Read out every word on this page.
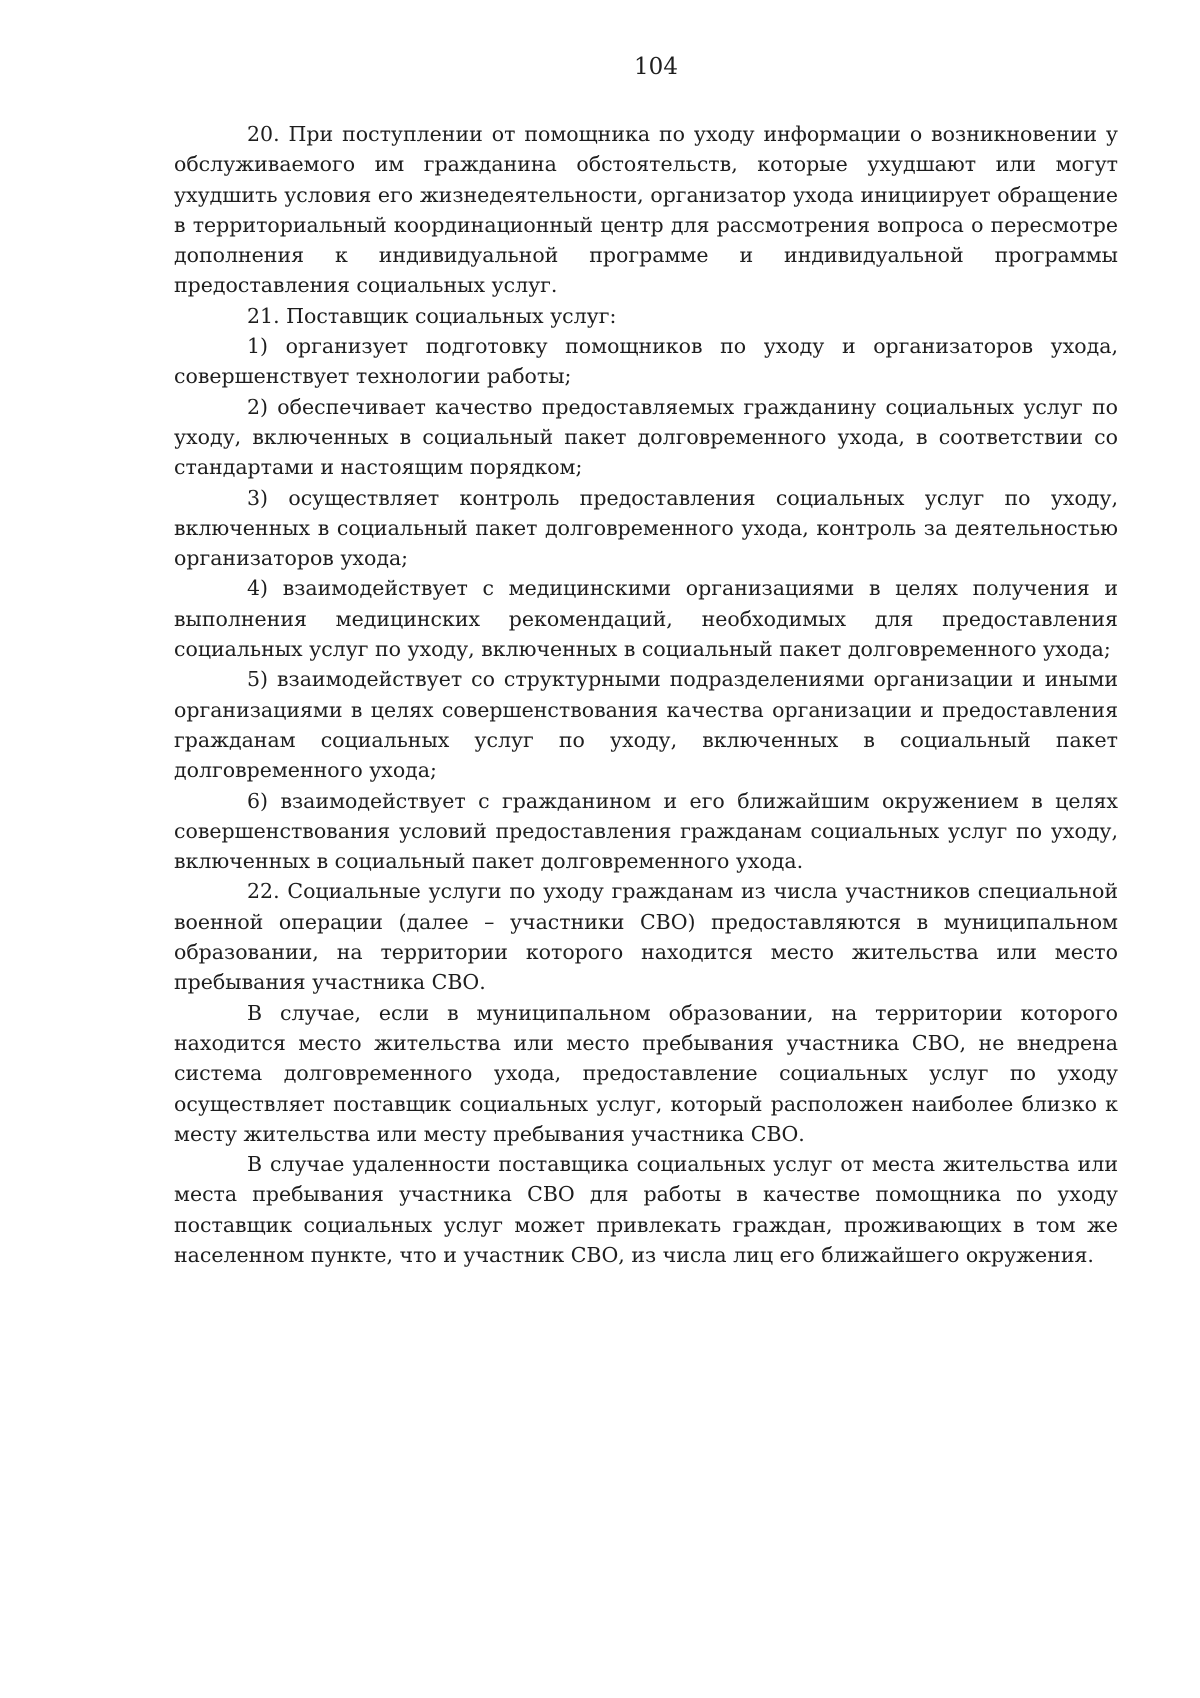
104

20. При поступлении от помощника по уходу информации о возникновении у обслуживаемого им гражданина обстоятельств, которые ухудшают или могут ухудшить условия его жизнедеятельности, организатор ухода инициирует обращение в территориальный координационный центр для рассмотрения вопроса о пересмотре дополнения к индивидуальной программе и индивидуальной программы предоставления социальных услуг.

21. Поставщик социальных услуг:

1) организует подготовку помощников по уходу и организаторов ухода, совершенствует технологии работы;

2) обеспечивает качество предоставляемых гражданину социальных услуг по уходу, включенных в социальный пакет долговременного ухода, в соответствии со стандартами и настоящим порядком;

3) осуществляет контроль предоставления социальных услуг по уходу, включенных в социальный пакет долговременного ухода, контроль за деятельностью организаторов ухода;

4) взаимодействует с медицинскими организациями в целях получения и выполнения медицинских рекомендаций, необходимых для предоставления социальных услуг по уходу, включенных в социальный пакет долговременного ухода;

5) взаимодействует со структурными подразделениями организации и иными организациями в целях совершенствования качества организации и предоставления гражданам социальных услуг по уходу, включенных в социальный пакет долговременного ухода;

6) взаимодействует с гражданином и его ближайшим окружением в целях совершенствования условий предоставления гражданам социальных услуг по уходу, включенных в социальный пакет долговременного ухода.

22. Социальные услуги по уходу гражданам из числа участников специальной военной операции (далее – участники СВО) предоставляются в муниципальном образовании, на территории которого находится место жительства или место пребывания участника СВО.

В случае, если в муниципальном образовании, на территории которого находится место жительства или место пребывания участника СВО, не внедрена система долговременного ухода, предоставление социальных услуг по уходу осуществляет поставщик социальных услуг, который расположен наиболее близко к месту жительства или месту пребывания участника СВО.

В случае удаленности поставщика социальных услуг от места жительства или места пребывания участника СВО для работы в качестве помощника по уходу поставщик социальных услуг может привлекать граждан, проживающих в том же населенном пункте, что и участник СВО, из числа лиц его ближайшего окружения.
